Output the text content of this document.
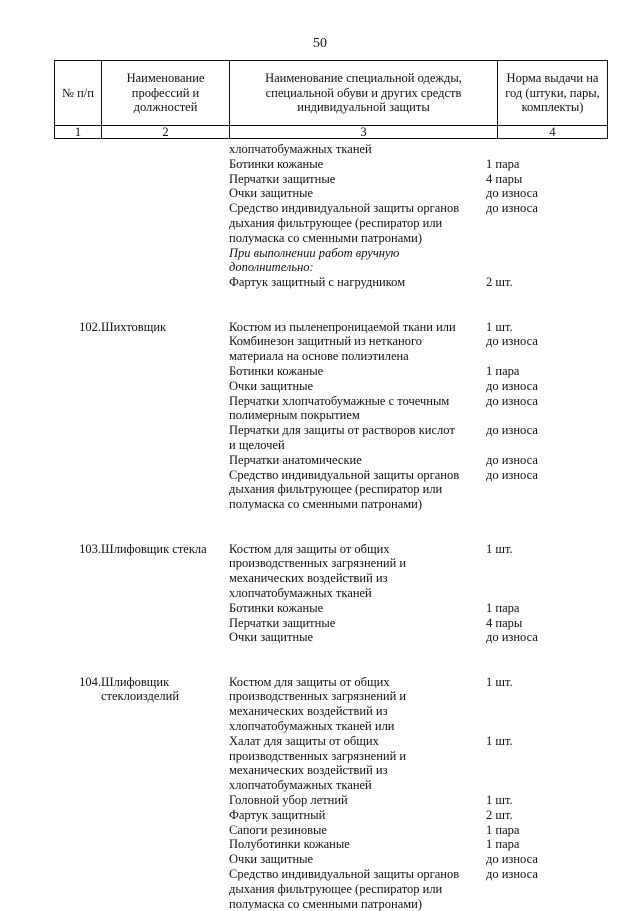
50
№ п/п	Наименование профессий и должностей	Наименование специальной одежды, специальной обуви и других средств индивидуальной защиты	Норма выдачи на год (штуки, пары, комплекты)
1	2	3	4
хлопчатобумажных тканей
Ботинки кожаные	1 пара
Перчатки защитные	4 пары
Очки защитные	до износа
Средство индивидуальной защиты органов	до износа
дыхания фильтрующее (респиратор или
полумаска со сменными патронами)
При выполнении работ вручную
дополнительно:
Фартук защитный с нагрудником	2 шт.
102. Шихтовщик	Костюм из пыленепроницаемой ткани или	1 шт.
Комбинезон защитный из нетканого	до износа
материала на основе полиэтилена
Ботинки кожаные	1 пара
Очки защитные	до износа
Перчатки хлопчатобумажные с точечным	до износа
полимерным покрытием
Перчатки для защиты от растворов кислот	до износа
и щелочей
Перчатки анатомические	до износа
Средство индивидуальной защиты органов	до износа
дыхания фильтрующее (респиратор или
полумаска со сменными патронами)
103. Шлифовщик стекла	Костюм для защиты от общих	1 шт.
производственных загрязнений и
механических воздействий из
хлопчатобумажных тканей
Ботинки кожаные	1 пара
Перчатки защитные	4 пары
Очки защитные	до износа
104. Шлифовщик	Костюм для защиты от общих	1 шт.
стеклоизделий	производственных загрязнений и
механических воздействий из
хлопчатобумажных тканей или
Халат для защиты от общих	1 шт.
производственных загрязнений и
механических воздействий из
хлопчатобумажных тканей
Головной убор летний	1 шт.
Фартук защитный	2 шт.
Сапоги резиновые	1 пара
Полуботинки кожаные	1 пара
Очки защитные	до износа
Средство индивидуальной защиты органов	до износа
дыхания фильтрующее (респиратор или
полумаска со сменными патронами)
